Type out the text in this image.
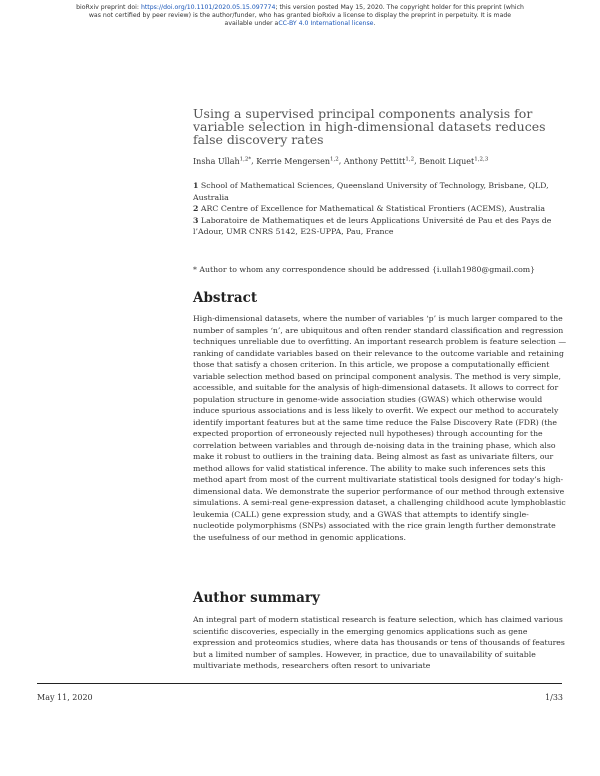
bioRxiv preprint doi: https://doi.org/10.1101/2020.05.15.097774; this version posted May 15, 2020. The copyright holder for this preprint (which
was not certified by peer review) is the author/funder, who has granted bioRxiv a license to display the preprint in perpetuity. It is made
available under aCC-BY 4.0 International license.
Using a supervised principal components analysis for variable selection in high-dimensional datasets reduces false discovery rates
Insha Ullah$^{1,2*}$, Kerrie Mengersen$^{1,2}$, Anthony Pettitt$^{1,2}$, Benoit Liquet$^{1,2,3}$

1 School of Mathematical Sciences, Queensland University of Technology, Brisbane, QLD, Australia

2 ARC Centre of Excellence for Mathematical & Statistical Frontiers (ACEMS), Australia

3 Laboratoire de Mathematiques et de leurs Applications Université de Pau et des Pays de l’Adour, UMR CNRS 5142, E2S-UPPA, Pau, France

* Author to whom any correspondence should be addressed {i.ullah1980@gmail.com}
Abstract

High-dimensional datasets, where the number of variables ‘p’ is much larger compared to the number of samples ‘n’, are ubiquitous and often render standard classification and regression techniques unreliable due to overfitting. An important research problem is feature selection — ranking of candidate variables based on their relevance to the outcome variable and retaining those that satisfy a chosen criterion. In this article, we propose a computationally efficient variable selection method based on principal component analysis. The method is very simple, accessible, and suitable for the analysis of high-dimensional datasets. It allows to correct for population structure in genome-wide association studies (GWAS) which otherwise would induce spurious associations and is less likely to overfit. We expect our method to accurately identify important features but at the same time reduce the False Discovery Rate (FDR) (the expected proportion of erroneously rejected null hypotheses) through accounting for the correlation between variables and through de-noising data in the training phase, which also make it robust to outliers in the training data. Being almost as fast as univariate filters, our method allows for valid statistical inference. The ability to make such inferences sets this method apart from most of the current multivariate statistical tools designed for today’s high-dimensional data. We demonstrate the superior performance of our method through extensive simulations. A semi-real gene-expression dataset, a challenging childhood acute lymphoblastic leukemia (CALL) gene expression study, and a GWAS that attempts to identify single-nucleotide polymorphisms (SNPs) associated with the rice grain length further demonstrate the usefulness of our method in genomic applications.

Author summary

An integral part of modern statistical research is feature selection, which has claimed various scientific discoveries, especially in the emerging genomics applications such as gene expression and proteomics studies, where data has thousands or tens of thousands of features but a limited number of samples. However, in practice, due to unavailability of suitable multivariate methods, researchers often resort to univariate

May 11, 2020	1/33
